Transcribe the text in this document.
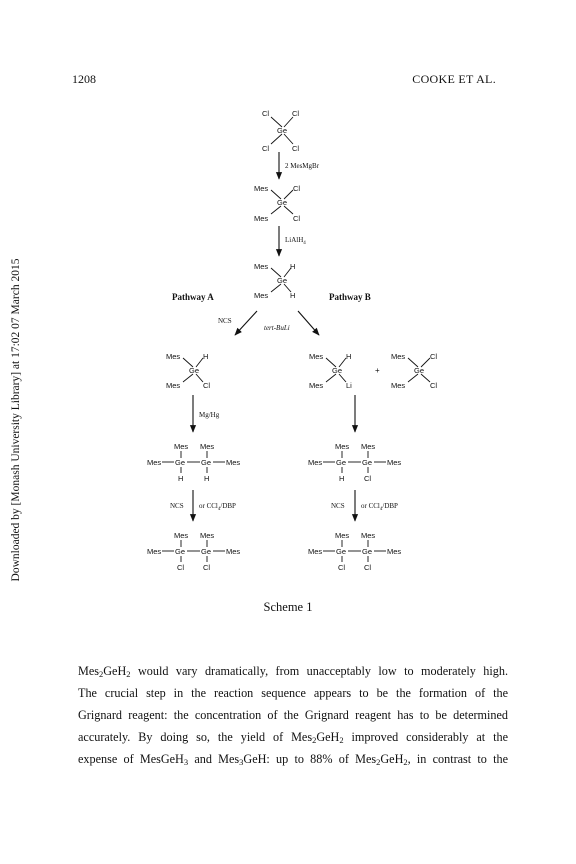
1208	COOKE ET AL.
Downloaded by [Monash University Library] at 17:02 07 March 2015
Cl	Cl
Ge
Cl	Cl
2 MesMgBr
Mes	Cl
Ge
Mes	Cl
LiAlH$_4$
Mes	H
Ge
Mes	H
Pathway A	Pathway B
NCS
tert-BuLi
Mes	H
Ge
Mes	Cl
Mes	H
Ge
Mes	Li
+
Mes	Cl
Ge
Mes	Cl
Mg/Hg
Mes Mes
Mes Ge Ge Mes
H	H
Mes Mes
Mes Ge Ge Mes
H	Cl
NCS or CCl$_4$/DBP	NCS or CCl$_4$/DBP
Mes Mes
Mes Ge Ge Mes
Cl	Cl
Mes Mes
Mes Ge Ge Mes
Cl	Cl
Scheme 1
Mes$_2$GeH$_2$ would vary dramatically, from unacceptably low to moderately high.
The crucial step in the reaction sequence appears to be the formation of the
Grignard reagent: the concentration of the Grignard reagent has to be determined
accurately. By doing so, the yield of Mes$_2$GeH$_2$ improved considerably at the
expense of MesGeH$_3$ and Mes$_3$GeH: up to 88% of Mes$_2$GeH$_2$, in contrast to the
